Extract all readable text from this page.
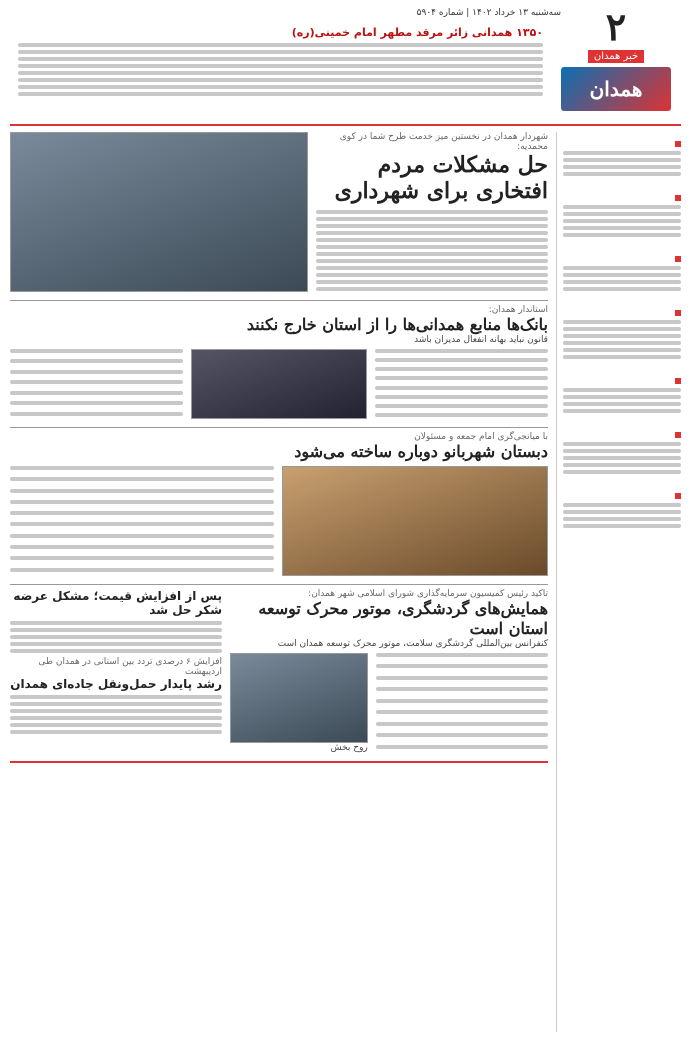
۲
خبر همدان
همدان
سه‌شنبه ۱۳ خرداد ۱۴۰۲ | شماره ۵۹۰۴
۱۳۵۰ همدانی زائر مرقد مطهر امام خمینی(ره)
شهردار همدان در نخستین میز خدمت طرح شما در کوی محمدیه:
حل مشکلات مردم افتخاری برای شهرداری
استاندار همدان:
بانک‌ها منابع همدانی‌ها را از استان خارج نکنند
قانون نباید بهانه انفعال مدیران باشد
با میانجی‌گری امام جمعه و مسئولان
دبستان شهربانو دوباره ساخته می‌شود
تاکید رئیس کمیسیون سرمایه‌گذاری شورای اسلامی شهر همدان:
همایش‌های گردشگری، موتور محرک توسعه استان است
کنفرانس بین‌المللی گردشگری سلامت، موتور محرک توسعه همدان است
روح بخش
پس از افزایش قیمت؛ مشکل عرضه شکر حل شد
افزایش ۶ درصدی تردد بین استانی در همدان طی اردیبهشت
رشد پایدار حمل‌ونقل جاده‌ای همدان
